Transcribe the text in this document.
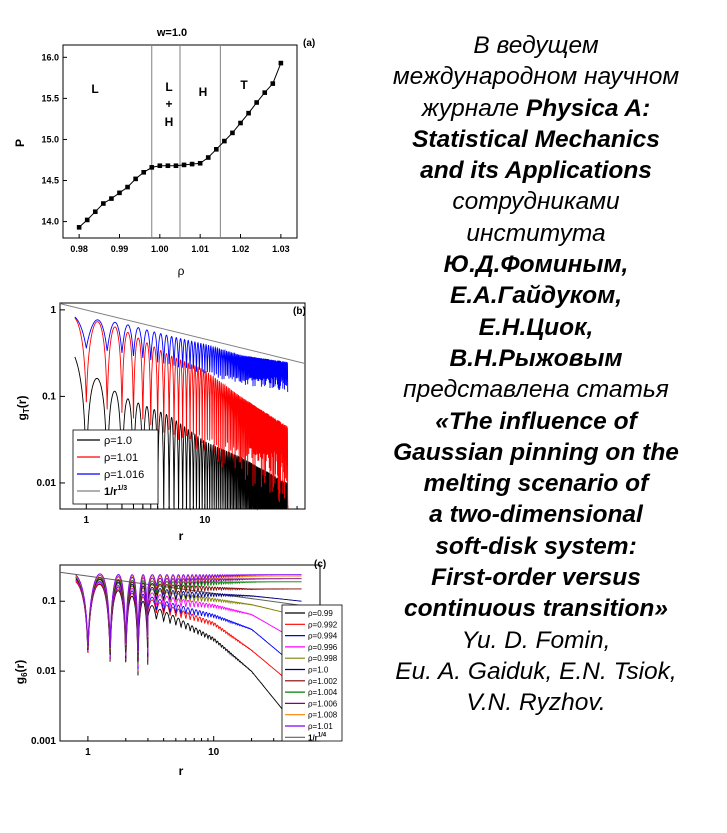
w=1.0
(a)
0.98	0.99	1.00	1.01	1.02	1.03
14.0
14.5
15.0
15.5
16.0
L	L
+
H
H	T
ρ
P
(b)
1	10
1
0.1
0.01
ρ=1.0
ρ=1.01
ρ=1.016
$1/r^{1/3}$
r
$g_T(r)$
(c)
1	10
0.1
0.01
0.001
ρ=0.99
ρ=0.992
ρ=0.994
ρ=0.996
ρ=0.998
ρ=1.0
ρ=1.002
ρ=1.004
ρ=1.006
ρ=1.008
ρ=1.01
$1/r^{1/4}$
r
$g_6(r)$
В ведущем
международном научном
журнале Physica A:
Statistical Mechanics
and its Applications
сотрудниками
института
Ю.Д.Фоминым,
Е.А.Гайдуком,
Е.Н.Циок,
В.Н.Рыжовым
представлена статья
«The influence of
Gaussian pinning on the
melting scenario of
a two-dimensional
soft-disk system:
First-order versus
continuous transition»
Yu. D. Fomin,
Eu. A. Gaiduk, E.N. Tsiok,
V.N. Ryzhov.
